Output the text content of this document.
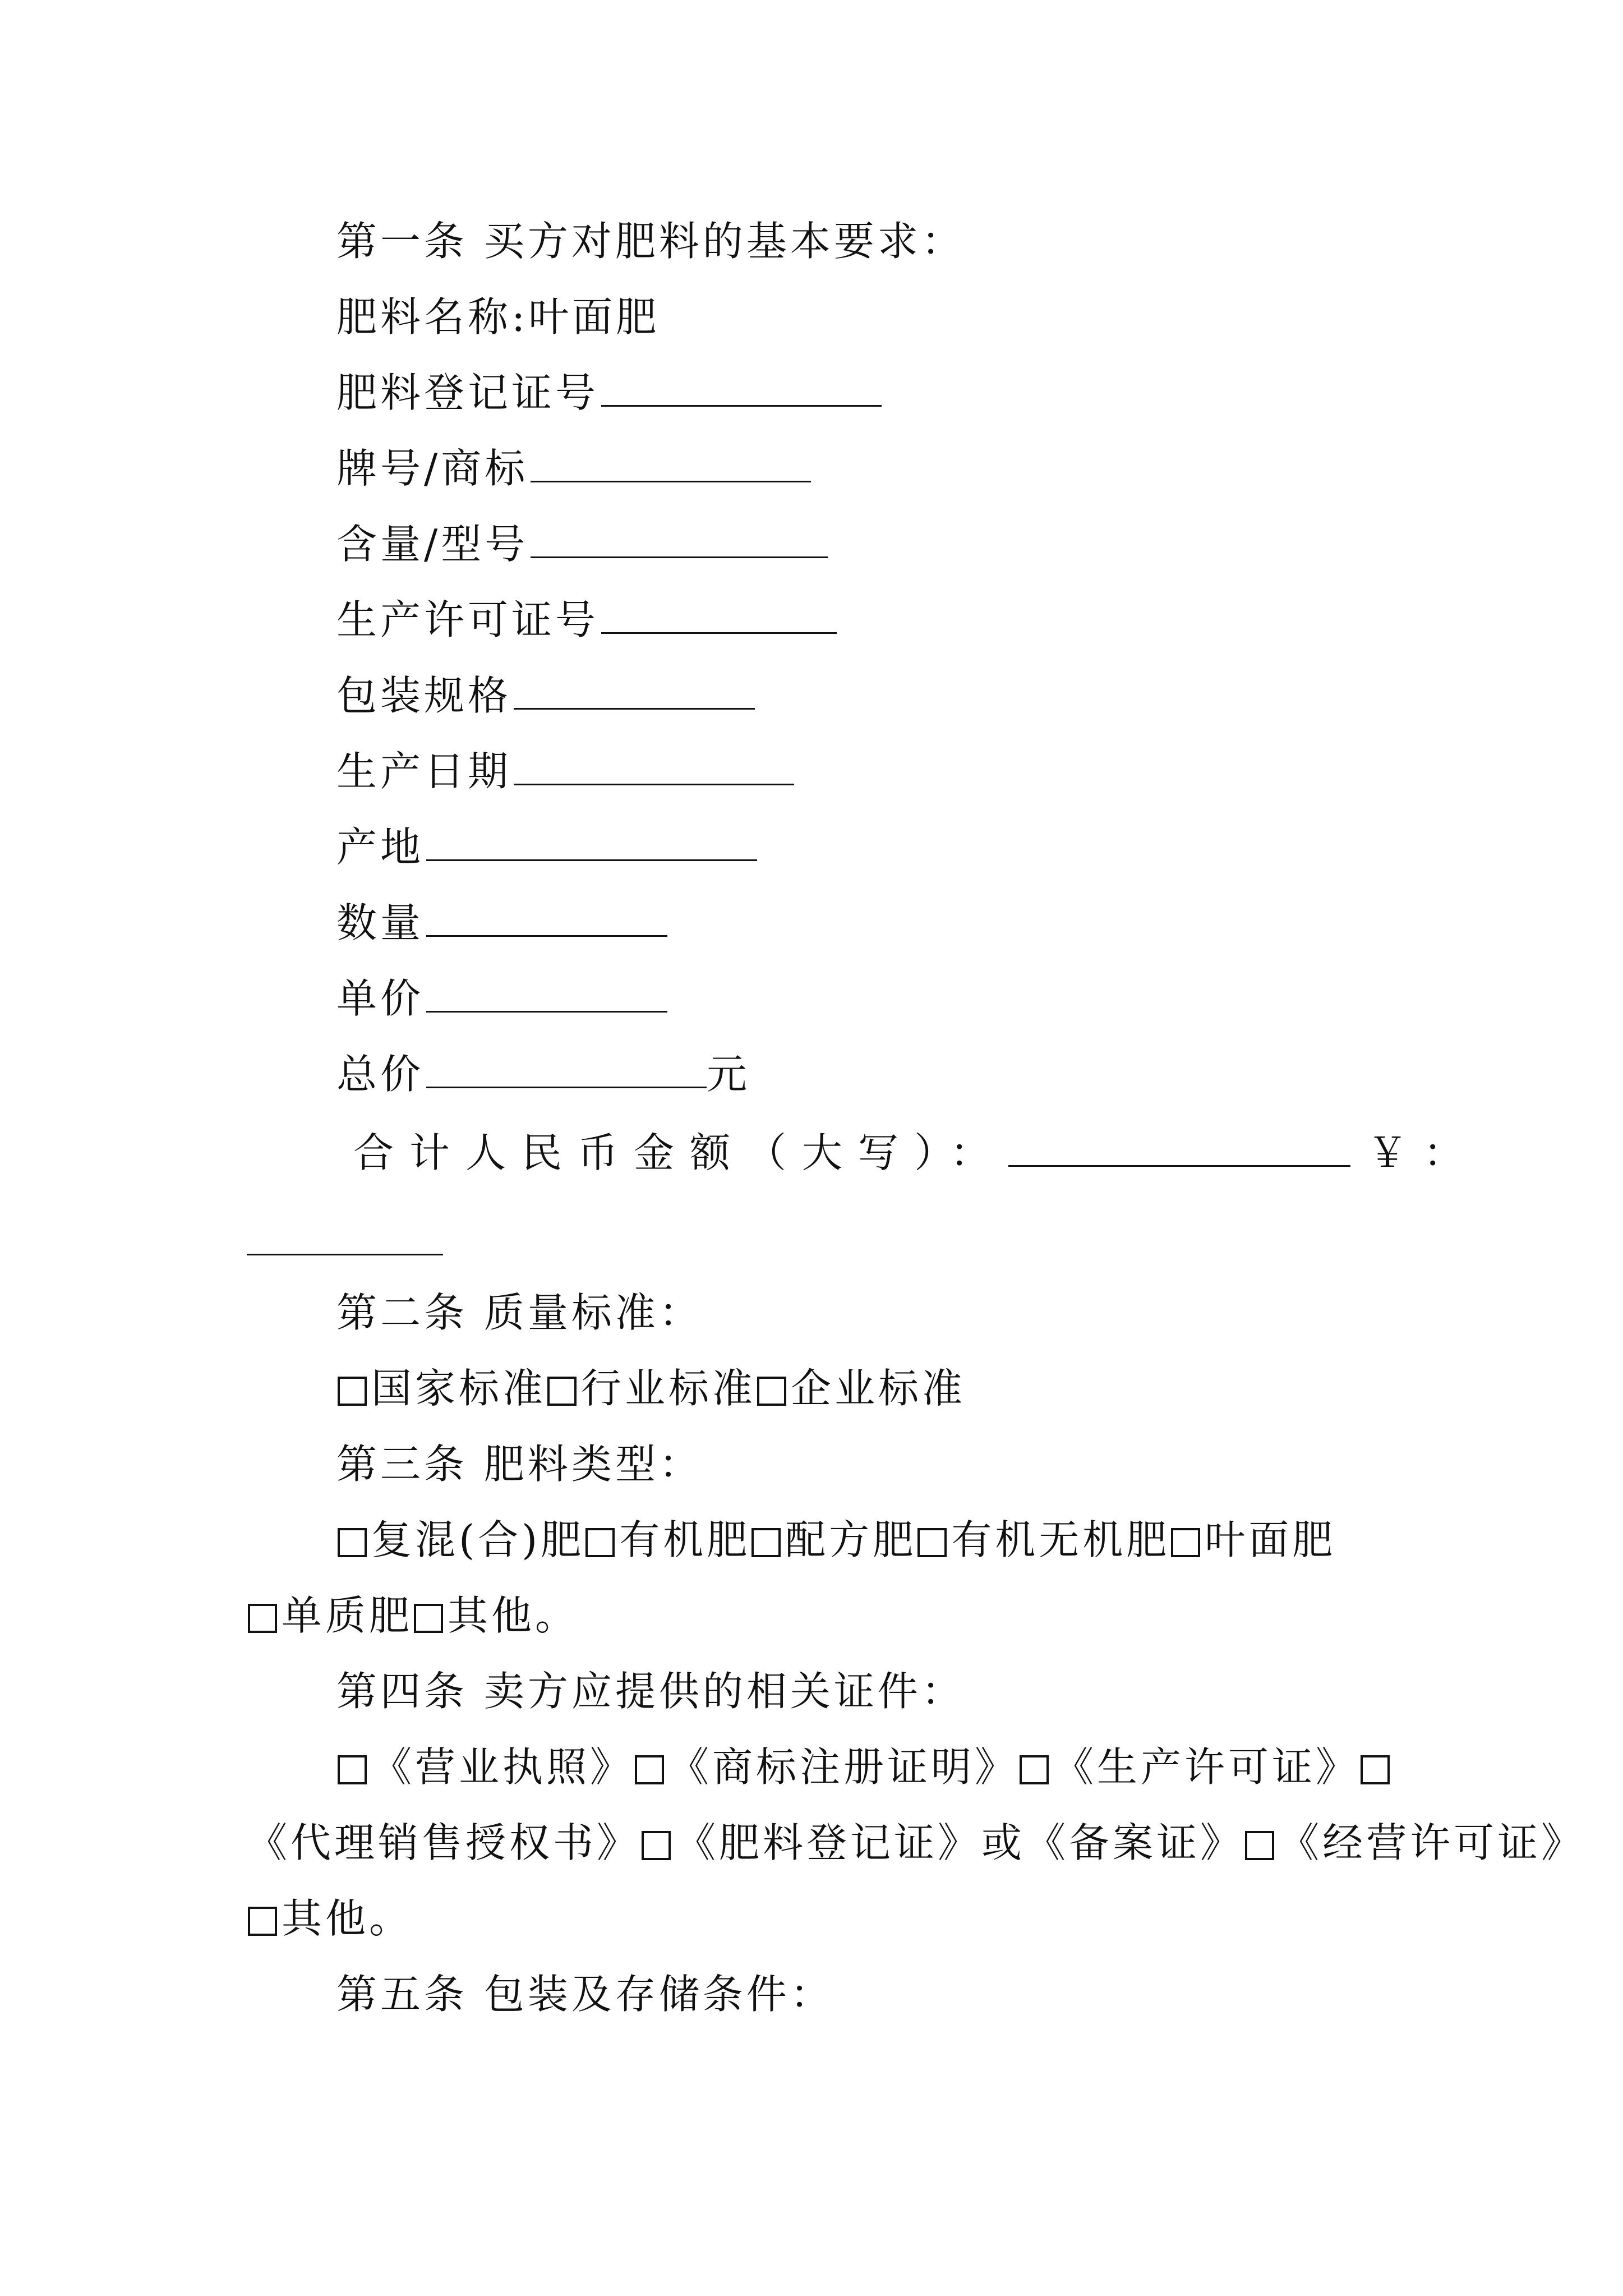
第一条 买方对肥料的基本要求：
肥料名称:叶面肥
肥料登记证号
牌号/商标
含量/型号
生产许可证号
包装规格
生产日期
产地
数量
单价
总价	元
合计人民币金额（大写）：	￥：
第二条 质量标准：
国家标准 行业标准 企业标准
第三条 肥料类型：
复混(合)肥 有机肥 配方肥 有机无机肥 叶面肥
单质肥 其他。
第四条 卖方应提供的相关证件：
《营业执照》 《商标注册证明》 《生产许可证》
《代理销售授权书》 《肥料登记证》或《备案证》 《经营许可证》
其他。
第五条 包装及存储条件：
